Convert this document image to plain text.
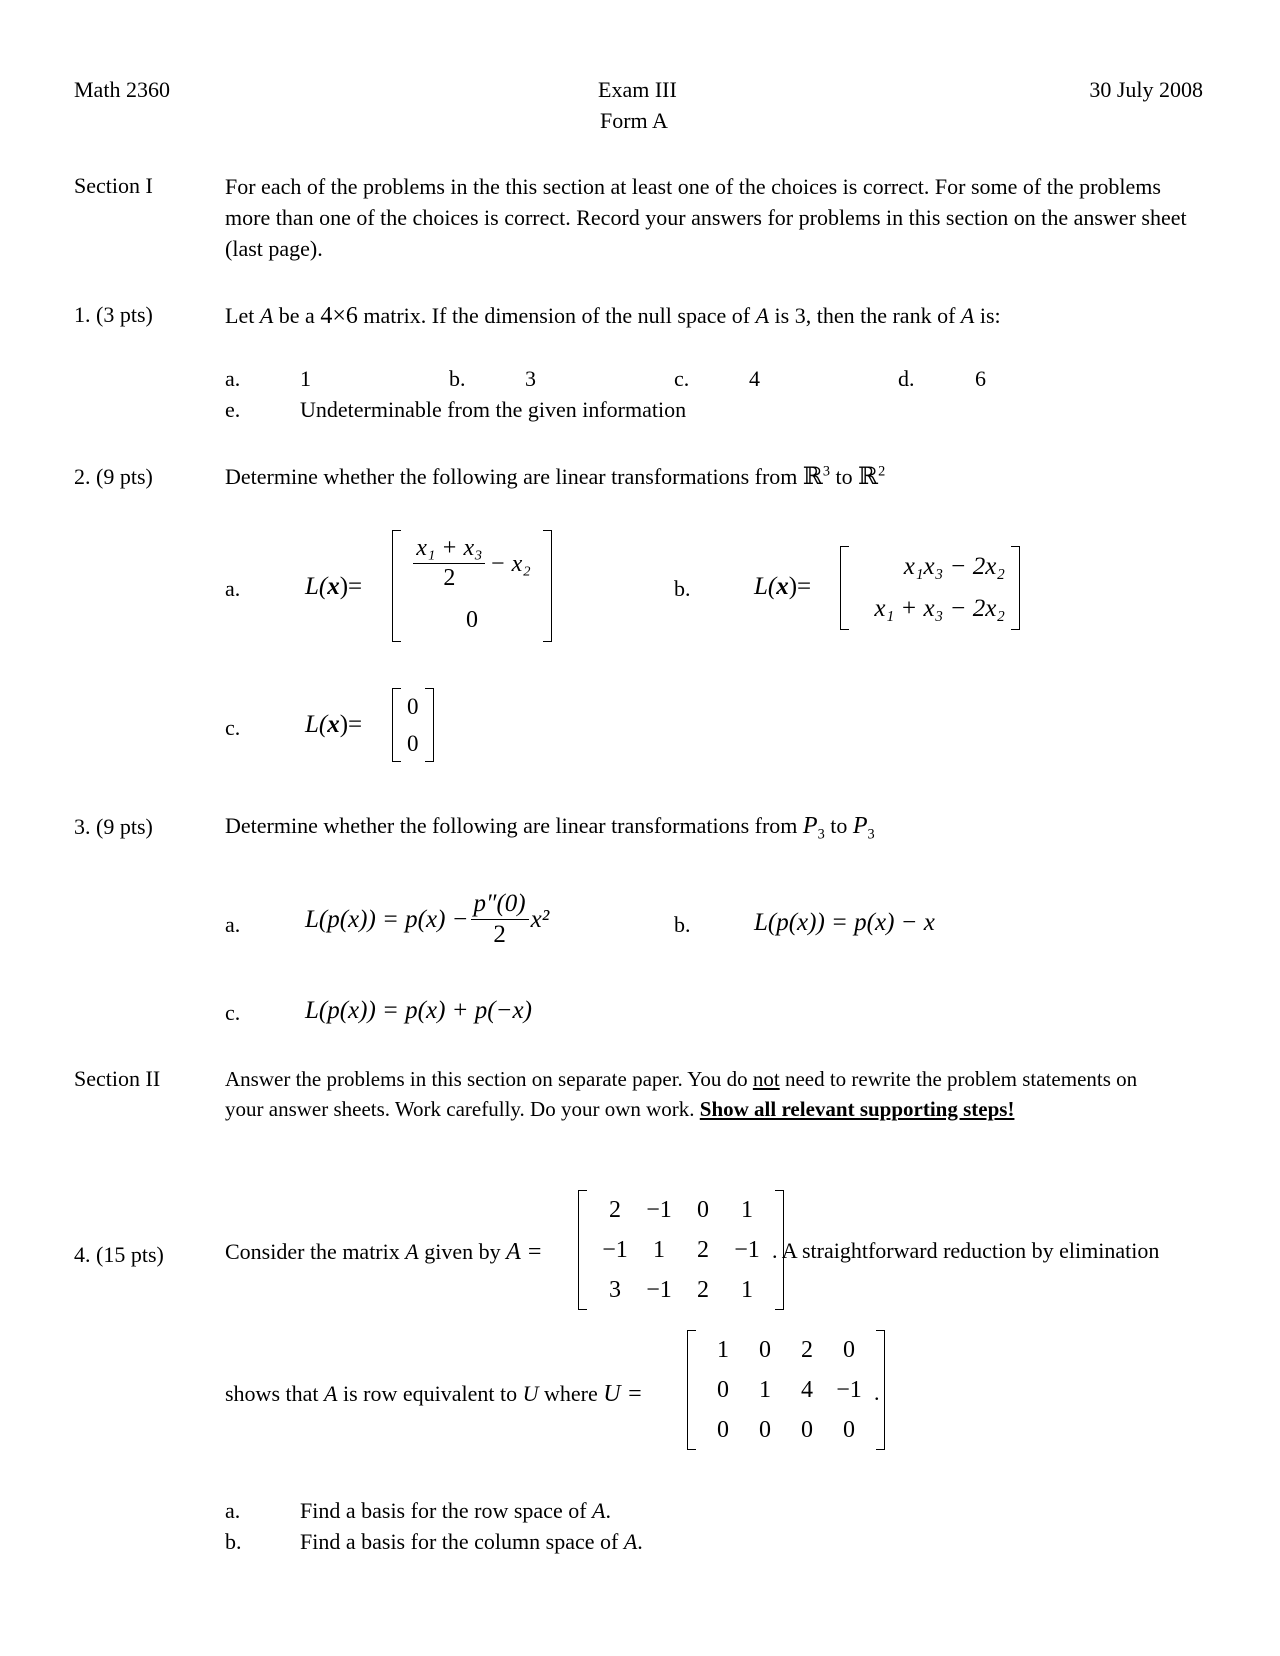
Math 2360	Exam III
Form A
30 July 2008
Section I	For each of the problems in the this section at least one of the choices is correct. For some of the problems more than one of the choices is correct. Record your answers for problems in this section on the answer sheet (last page).
1. (3 pts)	Let A be a 4×6 matrix. If the dimension of the null space of A is 3, then the rank of A is:
a.	1	b.	3	c.	4	d.	6
e.	Undeterminable from the given information
2. (9 pts)	Determine whether the following are linear transformations from ℝ$^3$ to ℝ$^2$
a.	$L(x)= \frac{\text{x₁ + x₃}}{2} - x_2$
0
b.	L(x)=
x₁x₃ − 2x₂
x₁ + x₃ − 2x₂
c.	L(x)=
0
0
3. (9 pts)	Determine whether the following are linear transformations from $P_3$ to $P_3$
a.	$L(p(x)) = p(x) - \frac{p''(0)}{2} x^2$	b.	L(p(x)) = p(x) − x
c.	L(p(x)) = p(x) + p(−x)
Section II	Answer the problems in this section on separate paper. You do not need to rewrite the problem statements on your answer sheets. Work carefully. Do your own work. Show all relevant supporting steps!
4. (15 pts)	Consider the matrix A given by A =
2 −1 0 1
−1 1 2 −1
3 −1 2 1
. A straightforward reduction by elimination
shows that A is row equivalent to U where U =
1 0 2 0
0 1 4 −1
0 0 0 0
.
a.	Find a basis for the row space of A.
b.	Find a basis for the column space of A.
